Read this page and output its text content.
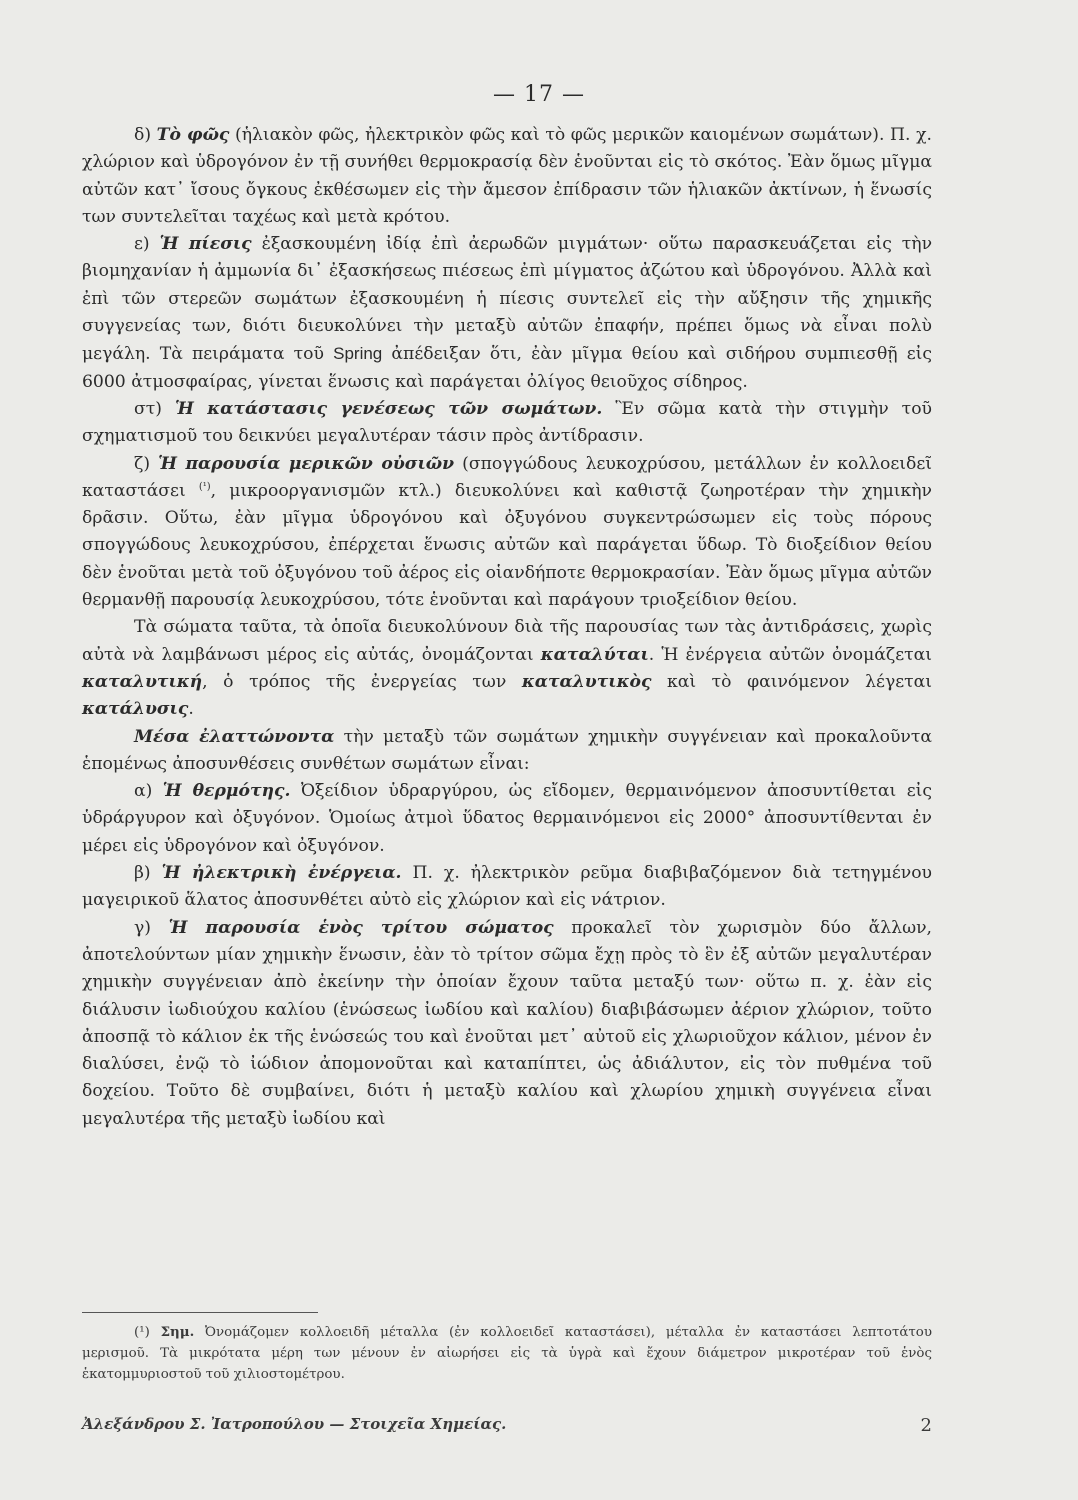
— 17 —

δ) Τὸ φῶς (ἡλιακὸν φῶς, ἠλεκτρικὸν φῶς καὶ τὸ φῶς μερικῶν καιομένων σωμάτων). Π. χ. χλώριον καὶ ὑδρογόνον ἐν τῇ συνήθει θερμοκρασίᾳ δὲν ἑνοῦνται εἰς τὸ σκότος. Ἐὰν ὅμως μῖγμα αὐτῶν κατ᾽ ἴσους ὄγκους ἐκθέσωμεν εἰς τὴν ἄμεσον ἐπίδρασιν τῶν ἡλιακῶν ἀκτίνων, ἡ ἕνωσίς των συντελεῖται ταχέως καὶ μετὰ κρότου.

ε) Ἡ πίεσις ἐξασκουμένη ἰδίᾳ ἐπὶ ἀερωδῶν μιγμάτων· οὕτω παρασκευάζεται εἰς τὴν βιομηχανίαν ἡ ἀμμωνία δι᾽ ἐξασκήσεως πιέσεως ἐπὶ μίγματος ἀζώτου καὶ ὑδρογόνου. Ἀλλὰ καὶ ἐπὶ τῶν στερεῶν σωμάτων ἐξασκουμένη ἡ πίεσις συντελεῖ εἰς τὴν αὔξησιν τῆς χημικῆς συγγενείας των, διότι διευκολύνει τὴν μεταξὺ αὐτῶν ἐπαφήν, πρέπει ὅμως νὰ εἶναι πολὺ μεγάλη. Τὰ πειράματα τοῦ Spring ἀπέδειξαν ὅτι, ἐὰν μῖγμα θείου καὶ σιδήρου συμπιεσθῇ εἰς 6000 ἀτμοσφαίρας, γίνεται ἕνωσις καὶ παράγεται ὀλίγος θειοῦχος σίδηρος.

στ) Ἡ κατάστασις γενέσεως τῶν σωμάτων. Ἓν σῶμα κατὰ τὴν στιγμὴν τοῦ σχηματισμοῦ του δεικνύει μεγαλυτέραν τάσιν πρὸς ἀντίδρασιν.

ζ) Ἡ παρουσία μερικῶν οὐσιῶν (σπογγώδους λευκοχρύσου, μετάλλων ἐν κολλοειδεῖ καταστάσει $^{(^1)}$, μικροοργανισμῶν κτλ.) διευκολύνει καὶ καθιστᾷ ζωηροτέραν τὴν χημικὴν δρᾶσιν. Οὕτω, ἐὰν μῖγμα ὑδρογόνου καὶ ὀξυγόνου συγκεντρώσωμεν εἰς τοὺς πόρους σπογγώδους λευκοχρύσου, ἐπέρχεται ἕνωσις αὐτῶν καὶ παράγεται ὕδωρ. Τὸ διοξείδιον θείου δὲν ἑνοῦται μετὰ τοῦ ὀξυγόνου τοῦ ἀέρος εἰς οἱανδήποτε θερμοκρασίαν. Ἐὰν ὅμως μῖγμα αὐτῶν θερμανθῇ παρουσίᾳ λευκοχρύσου, τότε ἑνοῦνται καὶ παράγουν τριοξείδιον θείου.

Τὰ σώματα ταῦτα, τὰ ὁποῖα διευκολύνουν διὰ τῆς παρουσίας των τὰς ἀντιδράσεις, χωρὶς αὐτὰ νὰ λαμβάνωσι μέρος εἰς αὐτάς, ὀνομάζονται καταλύται. Ἡ ἐνέργεια αὐτῶν ὀνομάζεται καταλυτική, ὁ τρόπος τῆς ἐνεργείας των καταλυτικὸς καὶ τὸ φαινόμενον λέγεται κατάλυσις.

Μέσα ἐλαττώνοντα τὴν μεταξὺ τῶν σωμάτων χημικὴν συγγένειαν καὶ προκαλοῦντα ἑπομένως ἀποσυνθέσεις συνθέτων σωμάτων εἶναι:

α) Ἡ θερμότης. Ὀξείδιον ὑδραργύρου, ὡς εἴδομεν, θερμαινόμενον ἀποσυντίθεται εἰς ὑδράργυρον καὶ ὀξυγόνον. Ὁμοίως ἀτμοὶ ὕδατος θερμαινόμενοι εἰς 2000° ἀποσυντίθενται ἐν μέρει εἰς ὑδρογόνον καὶ ὀξυγόνον.

β) Ἡ ἠλεκτρικὴ ἐνέργεια. Π. χ. ἠλεκτρικὸν ρεῦμα διαβιβαζόμενον διὰ τετηγμένου μαγειρικοῦ ἅλατος ἀποσυνθέτει αὐτὸ εἰς χλώριον καὶ εἰς νάτριον.

γ) Ἡ παρουσία ἑνὸς τρίτου σώματος προκαλεῖ τὸν χωρισμὸν δύο ἄλλων, ἀποτελούντων μίαν χημικὴν ἕνωσιν, ἐὰν τὸ τρίτον σῶμα ἔχῃ πρὸς τὸ ἓν ἐξ αὐτῶν μεγαλυτέραν χημικὴν συγγένειαν ἀπὸ ἐκείνην τὴν ὁποίαν ἔχουν ταῦτα μεταξύ των· οὕτω π. χ. ἐὰν εἰς διάλυσιν ἰωδιούχου καλίου (ἑνώσεως ἰωδίου καὶ καλίου) διαβιβάσωμεν ἀέριον χλώριον, τοῦτο ἀποσπᾷ τὸ κάλιον ἐκ τῆς ἑνώσεώς του καὶ ἑνοῦται μετ᾽ αὐτοῦ εἰς χλωριοῦχον κάλιον, μένον ἐν διαλύσει, ἐνῷ τὸ ἰώδιον ἀπομονοῦται καὶ καταπίπτει, ὡς ἀδιάλυτον, εἰς τὸν πυθμένα τοῦ δοχείου. Τοῦτο δὲ συμβαίνει, διότι ἡ μεταξὺ καλίου καὶ χλωρίου χημικὴ συγγένεια εἶναι μεγαλυτέρα τῆς μεταξὺ ἰωδίου καὶ

(¹) Σημ. Ὀνομάζομεν κολλοειδῆ μέταλλα (ἐν κολλοειδεῖ καταστάσει), μέταλλα ἐν καταστάσει λεπτοτάτου μερισμοῦ. Τὰ μικρότατα μέρη των μένουν ἐν αἰωρήσει εἰς τὰ ὑγρὰ καὶ ἔχουν διάμετρον μικροτέραν τοῦ ἑνὸς ἑκατομμυριοστοῦ τοῦ χιλιοστομέτρου.
Ἀλεξάνδρου Σ. Ἰατροπούλου — Στοιχεῖα Χημείας.	2
